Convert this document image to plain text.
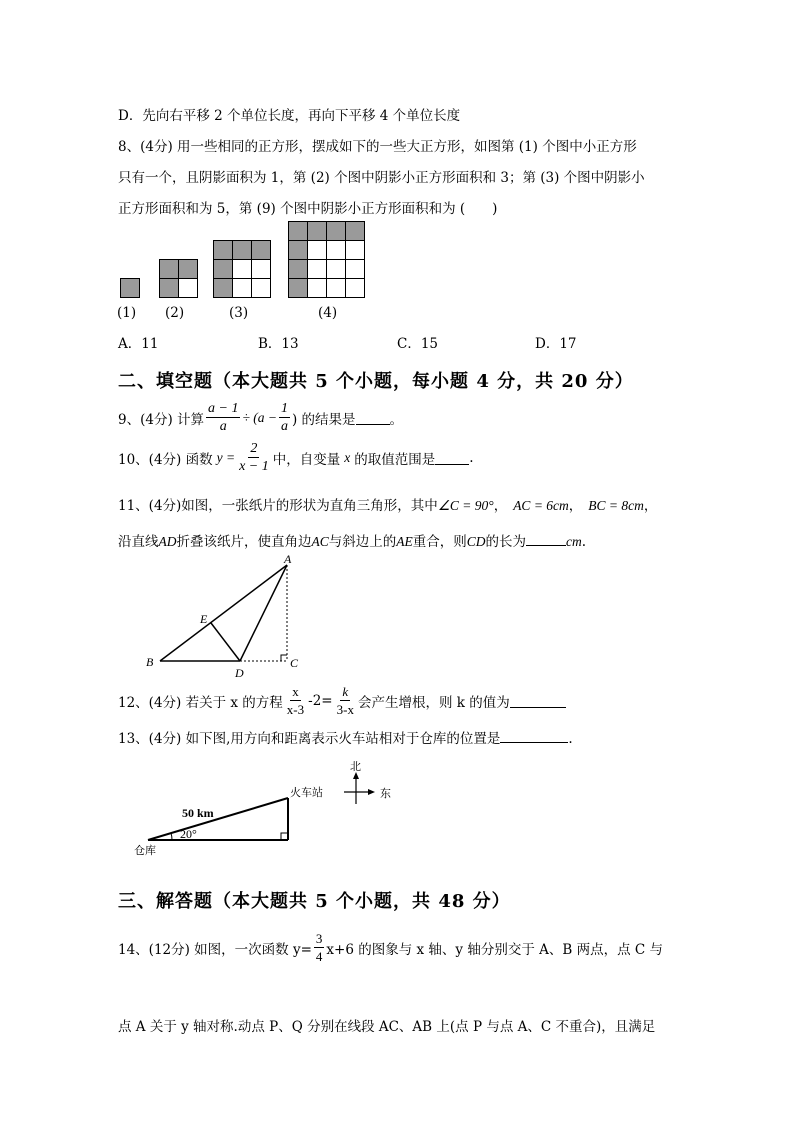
D．先向右平移 2 个单位长度，再向下平移 4 个单位长度
8、(4分) 用一些相同的正方形，摆成如下的一些大正方形，如图第 (1) 个图中小正方形
只有一个，且阴影面积为 1，第 (2) 个图中阴影小正方形面积和 3；第 (3) 个图中阴影小
正方形面积和为 5，第 (9) 个图中阴影小正方形面积和为 (　　)
(1) (2)	(3)	(4)
A．11	B．13	C．15	D．17
二、填空题（本大题共 5 个小题，每小题 4 分，共 20 分）
9、(4分) 计算 $\frac{a - 1}{a} \div (a - \frac{1}{a}$ ) 的结果是	。
10、(4分) 函数 $y = \frac{2}{x - 1}$ 中，自变量 x 的取值范围是	.
11、(4分)如图，一张纸片的形状为直角三角形，其中∠C = 90°， AC = 6cm， BC = 8cm，
沿直线AD折叠该纸片，使直角边AC与斜边上的AE重合，则CD的长为	cm.
A
B	C
D
E
12、(4分) 若关于 x 的方程 $\frac{x}{x-3} -2= \frac{k}{3-x}$ 会产生增根，则 k 的值为
13、(4分) 如下图,用方向和距离表示火车站相对于仓库的位置是	.
50 km
20°
火车站
仓库
北
东
三、解答题（本大题共 5 个小题，共 48 分）
14、(12分) 如图，一次函数 $y= \frac{3}{4} x+6$ 的图象与 x 轴、y 轴分别交于 A、B 两点，点 C 与
点 A 关于 y 轴对称.动点 P、Q 分别在线段 AC、AB 上(点 P 与点 A、C 不重合)，且满足
